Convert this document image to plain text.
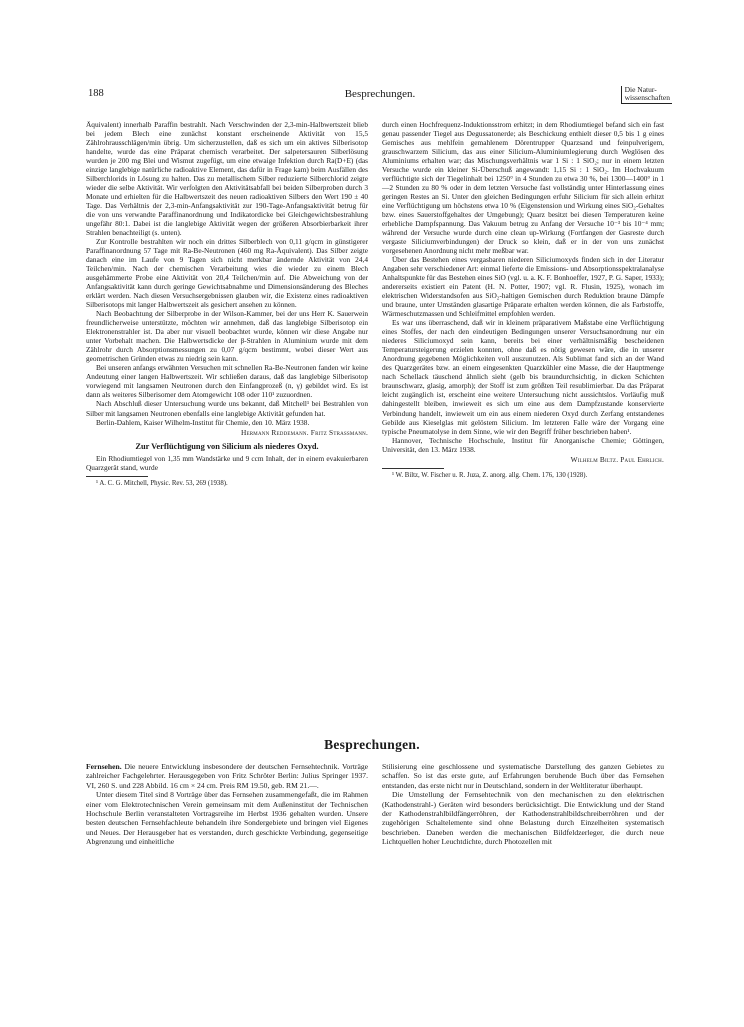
188	Besprechungen.	Die Natur-
wissenschaften

Äquivalent) innerhalb Paraffin bestrahlt. Nach Verschwinden der 2,3-min-Halbwertszeit blieb bei jedem Blech eine zunächst konstant erscheinende Aktivität von 15,5 Zählrohrausschlägen/min übrig. Um sicherzustellen, daß es sich um ein aktives Silberisotop handelte, wurde das eine Präparat chemisch verarbeitet. Der salpetersauren Silberlösung wurden je 200 mg Blei und Wismut zugefügt, um eine etwaige Infektion durch Ra(D+E) (das einzige langlebige natürliche radioaktive Element, das dafür in Frage kam) beim Ausfällen des Silberchlorids in Lösung zu halten. Das zu metallischem Silber reduzierte Silberchlorid zeigte wieder die selbe Aktivität. Wir verfolgten den Aktivitätsabfall bei beiden Silberproben durch 3 Monate und erhielten für die Halbwertszeit des neuen radioaktiven Silbers den Wert 190 ± 40 Tage. Das Verhältnis der 2,3-min-Anfangsaktivität zur 190-Tage-Anfangsaktivität betrug für die von uns verwandte Paraffinanordnung und Indikatordicke bei Gleichgewichtsbestrahlung ungefähr 80:1. Dabei ist die langlebige Aktivität wegen der größeren Absorbierbarkeit ihrer Strahlen benachteiligt (s. unten).

Zur Kontrolle bestrahlten wir noch ein drittes Silberblech von 0,11 g/qcm in günstigerer Paraffinanordnung 57 Tage mit Ra-Be-Neutronen (460 mg Ra-Äquivalent). Das Silber zeigte danach eine im Laufe von 9 Tagen sich nicht merkbar ändernde Aktivität von 24,4 Teilchen/min. Nach der chemischen Verarbeitung wies die wieder zu einem Blech ausgehämmerte Probe eine Aktivität von 20,4 Teilchen/min auf. Die Abweichung von der Anfangsaktivität kann durch geringe Gewichtsabnahme und Dimensionsänderung des Bleches erklärt werden. Nach diesen Versuchsergebnissen glauben wir, die Existenz eines radioaktiven Silberisotops mit langer Halbwertszeit als gesichert ansehen zu können.

Nach Beobachtung der Silberprobe in der Wilson-Kammer, bei der uns Herr K. Sauerwein freundlicherweise unterstützte, möchten wir annehmen, daß das langlebige Silberisotop ein Elektronenstrahler ist. Da aber nur visuell beobachtet wurde, können wir diese Angabe nur unter Vorbehalt machen. Die Halbwertsdicke der β-Strahlen in Aluminium wurde mit dem Zählrohr durch Absorptionsmessungen zu 0,07 g/qcm bestimmt, wobei dieser Wert aus geometrischen Gründen etwas zu niedrig sein kann.

Bei unseren anfangs erwähnten Versuchen mit schnellen Ra-Be-Neutronen fanden wir keine Andeutung einer langen Halbwertszeit. Wir schließen daraus, daß das langlebige Silberisotop vorwiegend mit langsamen Neutronen durch den Einfangprozeß (n, γ) gebildet wird. Es ist dann als weiteres Silberisomer dem Atomgewicht 108 oder 110¹ zuzuordnen.

Nach Abschluß dieser Untersuchung wurde uns bekannt, daß Mitchell¹ bei Bestrahlen von Silber mit langsamen Neutronen ebenfalls eine langlebige Aktivität gefunden hat.

Berlin-Dahlem, Kaiser Wilhelm-Institut für Chemie, den 10. März 1938.

Hermann Reddemann. Fritz Strassmann.
Zur Verflüchtigung von Silicium als niederes Oxyd.

Ein Rhodiumtiegel von 1,35 mm Wandstärke und 9 ccm Inhalt, der in einem evakuierbaren Quarzgerät stand, wurde

¹ A. C. G. Mitchell, Physic. Rev. 53, 269 (1938).

durch einen Hochfrequenz-Induktionsstrom erhitzt; in dem Rhodiumtiegel befand sich ein fast genau passender Tiegel aus Degussatonerde; als Beschickung enthielt dieser 0,5 bis 1 g eines Gemisches aus mehlfein gemahlenem Dörentrupper Quarzsand und feinpulverigem, grauschwarzem Silicium, das aus einer Silicium-Aluminiumlegierung durch Weglösen des Aluminiums erhalten war; das Mischungsverhältnis war 1 Si : 1 SiO₂; nur in einem letzten Versuche wurde ein kleiner Si-Überschuß angewandt: 1,15 Si : 1 SiO₂. Im Hochvakuum verflüchtigte sich der Tiegelinhalt bei 1250° in 4 Stunden zu etwa 30 %, bei 1300—1400° in 1—2 Stunden zu 80 % oder in dem letzten Versuche fast vollständig unter Hinterlassung eines geringen Restes an Si. Unter den gleichen Bedingungen erfuhr Silicium für sich allein erhitzt eine Verflüchtigung um höchstens etwa 10 % (Eigenstension und Wirkung eines SiO₂-Gehaltes bzw. eines Sauerstoffgehaltes der Umgebung); Quarz besitzt bei diesen Temperaturen keine erhebliche Dampfspannung. Das Vakuum betrug zu Anfang der Versuche 10⁻³ bis 10⁻⁴ mm; während der Versuche wurde durch eine clean up-Wirkung (Fortfangen der Gasreste durch vergaste Siliciumverbindungen) der Druck so klein, daß er in der von uns zunächst vorgesehenen Anordnung nicht mehr meßbar war.

Über das Bestehen eines vergasbaren niederen Siliciumoxyds finden sich in der Literatur Angaben sehr verschiedener Art: einmal lieferte die Emissions- und Absorptionsspektralanalyse Anhaltspunkte für das Bestehen eines SiO (vgl. u. a. K. F. Bonhoeffer, 1927, P. G. Saper, 1933); andererseits existiert ein Patent (H. N. Potter, 1907; vgl. R. Flusin, 1925), wonach im elektrischen Widerstandsofen aus SiO₂-haltigen Gemischen durch Reduktion braune Dämpfe und braune, unter Umständen glasartige Präparate erhalten werden können, die als Farbstoffe, Wärmeschutzmassen und Schleifmittel empfohlen werden.

Es war uns überraschend, daß wir in kleinem präparativem Maßstabe eine Verflüchtigung eines Stoffes, der nach den eindeutigen Bedingungen unserer Versuchsanordnung nur ein niederes Siliciumoxyd sein kann, bereits bei einer verhältnismäßig bescheidenen Temperatursteigerung erzielen konnten, ohne daß es nötig gewesen wäre, die in unserer Anordnung gegebenen Möglichkeiten voll auszunutzen. Als Sublimat fand sich an der Wand des Quarzgerätes bzw. an einem eingesenkten Quarzkühler eine Masse, die der Hauptmenge nach Schellack täuschend ähnlich sieht (gelb bis braundurchsichtig, in dicken Schichten braunschwarz, glasig, amorph); der Stoff ist zum größten Teil resublimierbar. Da das Präparat leicht zugänglich ist, erscheint eine weitere Untersuchung nicht aussichtslos. Vorläufig muß dahingestellt bleiben, inwieweit es sich um eine aus dem Dampfzustande konservierte Verbindung handelt, inwieweit um ein aus einem niederen Oxyd durch Zerfang entstandenes Gebilde aus Kieselglas mit gelöstem Silicium. Im letzteren Falle wäre der Vorgang eine typische Pneumatolyse in dem Sinne, wie wir den Begriff früher beschrieben haben¹.

Hannover, Technische Hochschule, Institut für Anorganische Chemie; Göttingen, Universität, den 13. März 1938.

Wilhelm Biltz. Paul Ehrlich.

¹ W. Biltz, W. Fischer u. R. Juza, Z. anorg. allg. Chem. 176, 130 (1928).

Besprechungen.

Fernsehen. Die neuere Entwicklung insbesondere der deutschen Fernsehtechnik. Vorträge zahlreicher Fachgelehrter. Herausgegeben von Fritz Schröter Berlin: Julius Springer 1937. VI, 260 S. und 228 Abbild. 16 cm × 24 cm. Preis RM 19.50, geb. RM 21.—.

Unter diesem Titel sind 8 Vorträge über das Fernsehen zusammengefaßt, die im Rahmen einer vom Elektrotechnischen Verein gemeinsam mit dem Außeninstitut der Technischen Hochschule Berlin veranstalteten Vortragsreihe im Herbst 1936 gehalten wurden. Unsere besten deutschen Fernsehfachleute behandeln ihre Sondergebiete und bringen viel Eigenes und Neues. Der Herausgeber hat es verstanden, durch geschickte Verbindung, gegenseitige Abgrenzung und einheitliche

Stilisierung eine geschlossene und systematische Darstellung des ganzen Gebietes zu schaffen. So ist das erste gute, auf Erfahrungen beruhende Buch über das Fernsehen entstanden, das erste nicht nur in Deutschland, sondern in der Weltliteratur überhaupt.

Die Umstellung der Fernsehtechnik von den mechanischen zu den elektrischen (Kathodenstrahl-) Geräten wird besonders berücksichtigt. Die Entwicklung und der Stand der Kathodenstrahlbildfängerröhren, der Kathodenstrahlbildschreiberröhren und der zugehörigen Schaltelemente sind ohne Belastung durch Einzelheiten systematisch beschrieben. Daneben werden die mechanischen Bildfeldzerleger, die durch neue Lichtquellen hoher Leuchtdichte, durch Photozellen mit
